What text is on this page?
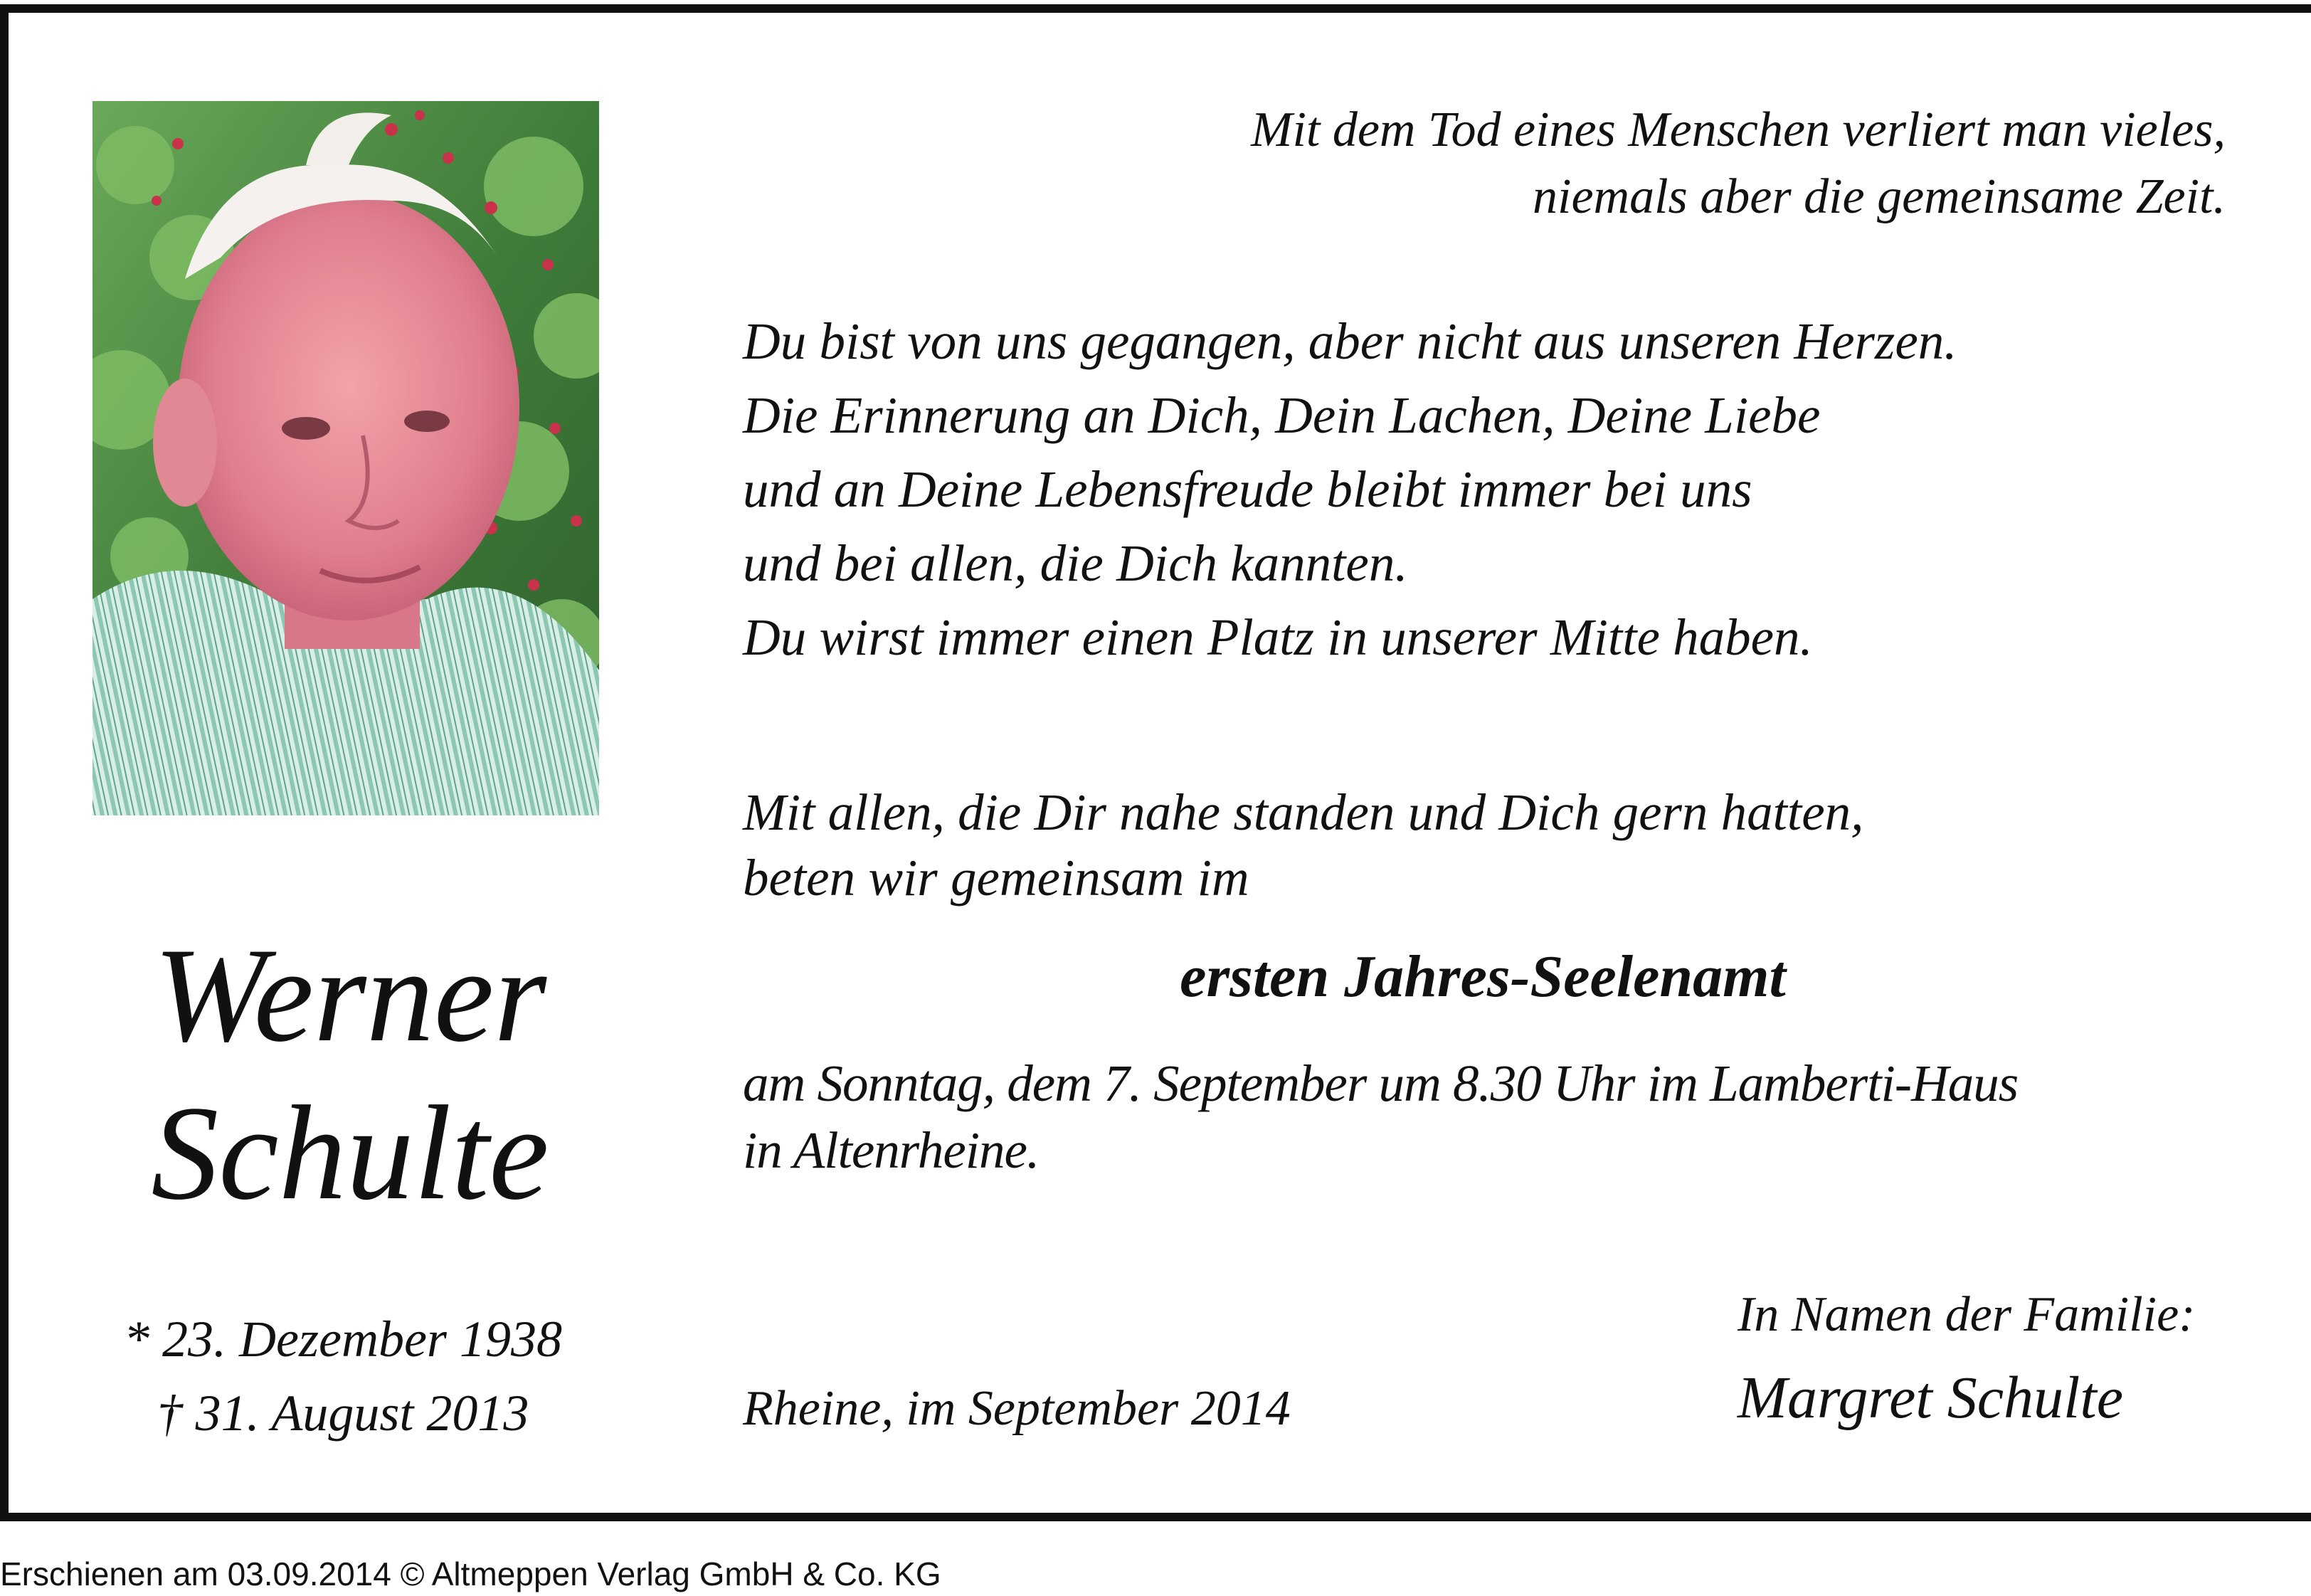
Mit dem Tod eines Menschen verliert man vieles,
niemals aber die gemeinsame Zeit.
Du bist von uns gegangen, aber nicht aus unseren Herzen.
Die Erinnerung an Dich, Dein Lachen, Deine Liebe
und an Deine Lebensfreude bleibt immer bei uns
und bei allen, die Dich kannten.
Du wirst immer einen Platz in unserer Mitte haben.
Mit allen, die Dir nahe standen und Dich gern hatten,
beten wir gemeinsam im
ersten Jahres-Seelenamt
am Sonntag, dem 7. September um 8.30 Uhr im Lamberti-Haus
in Altenrheine.
Werner
Schulte
* 23. Dezember 1938
† 31. August 2013	Rheine, im September 2014
In Namen der Familie:
Margret Schulte
Erschienen am 03.09.2014 © Altmeppen Verlag GmbH & Co. KG
